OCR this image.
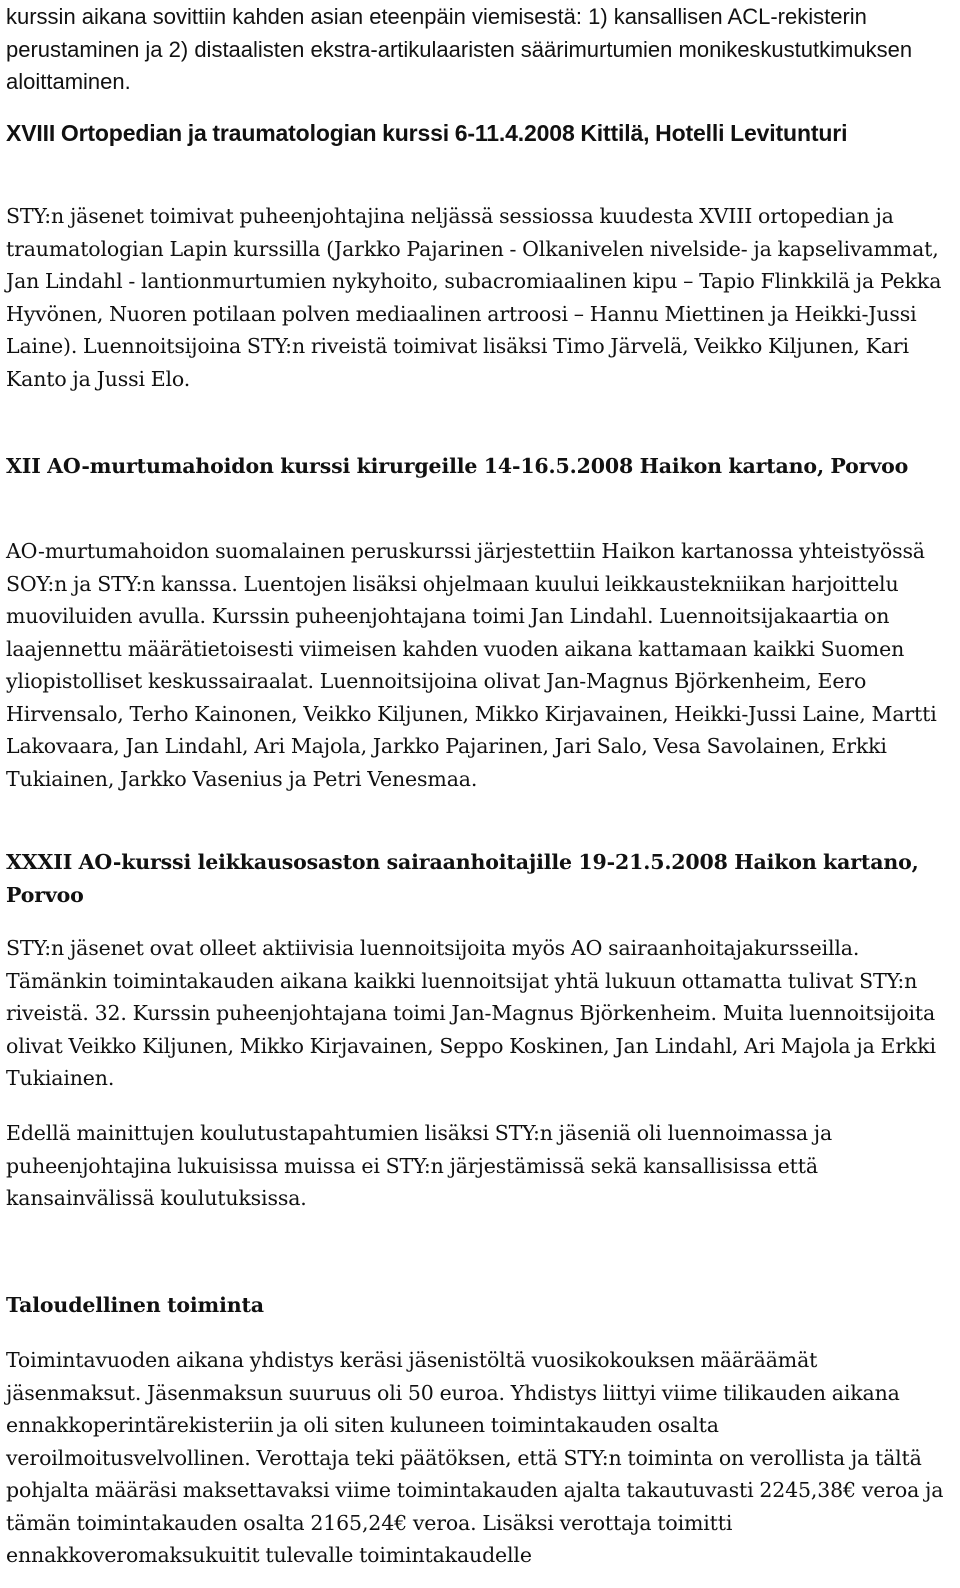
kurssin aikana sovittiin kahden asian eteenpäin viemisestä: 1) kansallisen ACL-rekisterin perustaminen ja 2) distaalisten ekstra-artikulaaristen säärimurtumien monikeskustutkimuksen aloittaminen.

XVIII Ortopedian ja traumatologian kurssi 6-11.4.2008 Kittilä, Hotelli Levitunturi

STY:n jäsenet toimivat puheenjohtajina neljässä sessiossa kuudesta XVIII ortopedian ja traumatologian Lapin kurssilla (Jarkko Pajarinen - Olkanivelen nivelside- ja kapselivammat, Jan Lindahl - lantionmurtumien nykyhoito, subacromiaalinen kipu – Tapio Flinkkilä ja Pekka Hyvönen, Nuoren potilaan polven mediaalinen artroosi – Hannu Miettinen ja Heikki-Jussi Laine). Luennoitsijoina STY:n riveistä toimivat lisäksi Timo Järvelä, Veikko Kiljunen, Kari Kanto ja Jussi Elo.

XII AO-murtumahoidon kurssi kirurgeille 14-16.5.2008 Haikon kartano, Porvoo

AO-murtumahoidon suomalainen peruskurssi järjestettiin Haikon kartanossa yhteistyössä SOY:n ja STY:n kanssa. Luentojen lisäksi ohjelmaan kuului leikkaustekniikan harjoittelu muoviluiden avulla. Kurssin puheenjohtajana toimi Jan Lindahl. Luennoitsijakaartia on laajennettu määrätietoisesti viimeisen kahden vuoden aikana kattamaan kaikki Suomen yliopistolliset keskussairaalat. Luennoitsijoina olivat Jan-Magnus Björkenheim, Eero Hirvensalo, Terho Kainonen, Veikko Kiljunen, Mikko Kirjavainen, Heikki-Jussi Laine, Martti Lakovaara, Jan Lindahl, Ari Majola, Jarkko Pajarinen, Jari Salo, Vesa Savolainen, Erkki Tukiainen, Jarkko Vasenius ja Petri Venesmaa.

XXXII AO-kurssi leikkausosaston sairaanhoitajille 19-21.5.2008 Haikon kartano, Porvoo

STY:n jäsenet ovat olleet aktiivisia luennoitsijoita myös AO sairaanhoitajakursseilla. Tämänkin toimintakauden aikana kaikki luennoitsijat yhtä lukuun ottamatta tulivat STY:n riveistä. 32. Kurssin puheenjohtajana toimi Jan-Magnus Björkenheim. Muita luennoitsijoita olivat Veikko Kiljunen, Mikko Kirjavainen, Seppo Koskinen, Jan Lindahl, Ari Majola ja Erkki Tukiainen.

Edellä mainittujen koulutustapahtumien lisäksi STY:n jäseniä oli luennoimassa ja puheenjohtajina lukuisissa muissa ei STY:n järjestämissä sekä kansallisissa että kansainvälissä koulutuksissa.

Taloudellinen toiminta

Toimintavuoden aikana yhdistys keräsi jäsenistöltä vuosikokouksen määräämät jäsenmaksut. Jäsenmaksun suuruus oli 50 euroa. Yhdistys liittyi viime tilikauden aikana ennakkoperintärekisteriin ja oli siten kuluneen toimintakauden osalta veroilmoitusvelvollinen. Verottaja teki päätöksen, että STY:n toiminta on verollista ja tältä pohjalta määräsi maksettavaksi viime toimintakauden ajalta takautuvasti 2245,38€ veroa ja tämän toimintakauden osalta 2165,24€ veroa. Lisäksi verottaja toimitti ennakkoveromaksukuitit tulevalle toimintakaudelle
